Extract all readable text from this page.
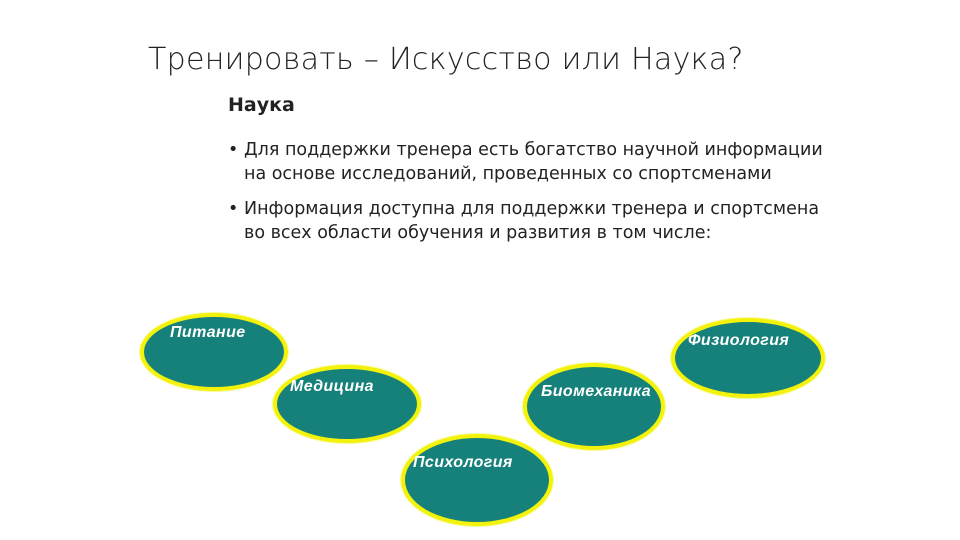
Тренировать – Искусство или Наука?
Наука
• Для поддержки тренера есть богатство научной информации на основе исследований, проведенных со спортсменами
• Информация доступна для поддержки тренера и спортсмена во всех области обучения и развития в том числе:
Питание	Физиология
Медицина	Биомеханика
Психология
